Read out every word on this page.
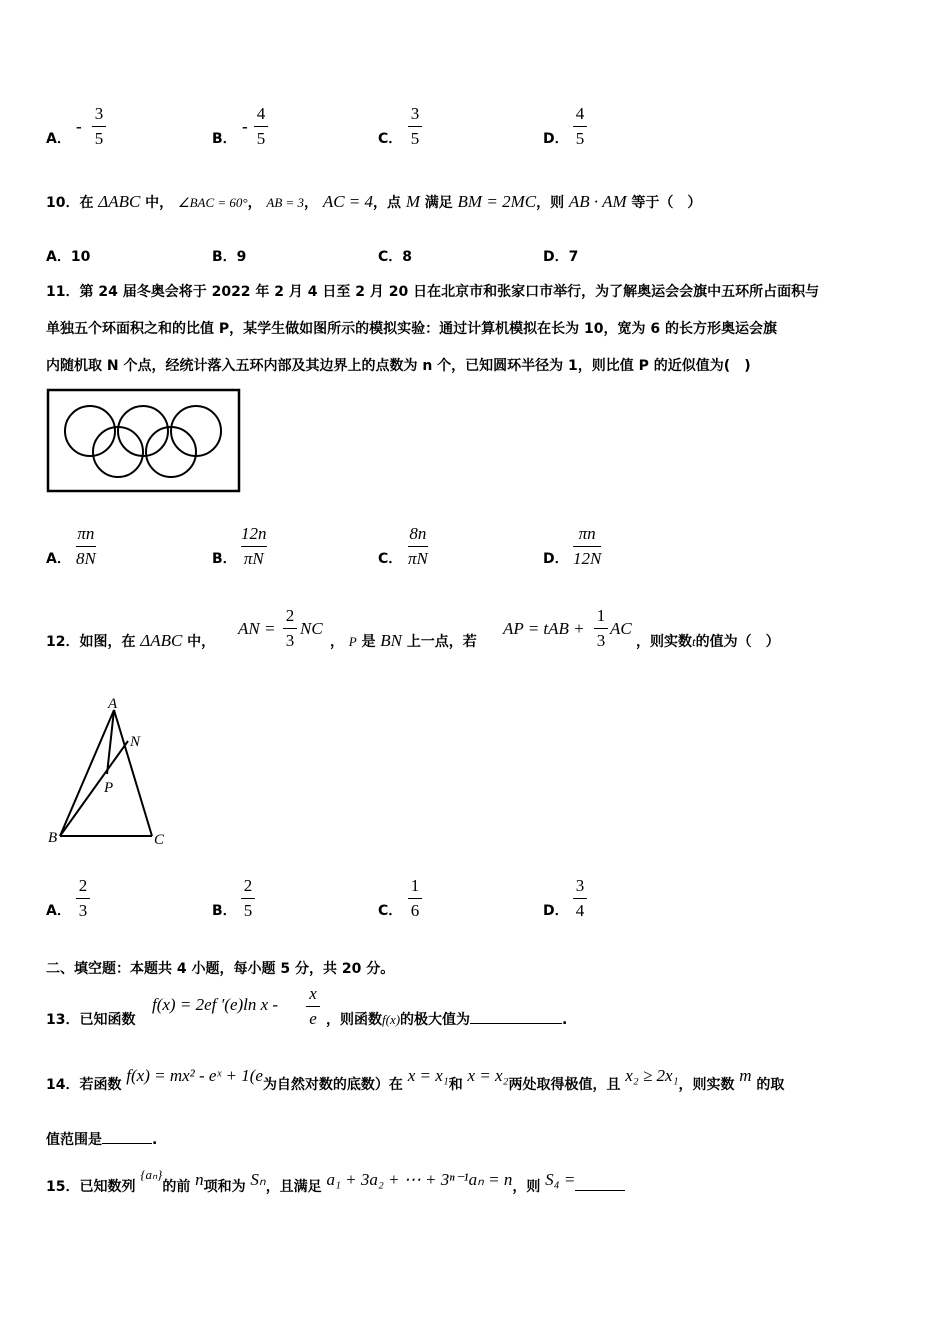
A．
-
3
5	B．
-
4
5	C．
3
5	D．
4
5
10．在 ΔABC 中， ∠BAC = 60°， AB = 3， AC = 4，点 M 满足 BM = 2MC，则 AB · AM 等于（　）
A．10	B．9	C．8	D．7
11．第 24 届冬奥会将于 2022 年 2 月 4 日至 2 月 20 日在北京市和张家口市举行，为了解奥运会会旗中五环所占面积与
单独五个环面积之和的比值 P，某学生做如图所示的模拟实验：通过计算机模拟在长为 10，宽为 6 的长方形奥运会旗
内随机取 N 个点，经统计落入五环内部及其边界上的点数为 n 个，已知圆环半径为 1，则比值 P 的近似值为(　)
A．
πn
8N	B．
12n
πN	C．
8n
πN	D．
πn
12N
12．如图，在 ΔABC 中，
AN =
2
3
NC
， P 是 BN 上一点，若
AP = tAB +
1
3
AC
，则实数t的值为（　）
A
N
P
B	C
A．
2
3	B．
2
5	C．
1
6	D．
3
4
二、填空题：本题共 4 小题，每小题 5 分，共 20 分。
13．已知函数
f(x) = 2ef ′(e)ln x -
x
e ，则函数f(x)的极大值为	.
14．若函数 f(x) = mx² - eˣ + 1(e为自然对数的底数）在 x = x₁和 x = x₂两处取得极值，且 x₂ ≥ 2x₁，则实数 m 的取
值范围是	.
15．已知数列 {aₙ}的前 n项和为 Sₙ，且满足 a₁ + 3a₂ + ⋯ + 3ⁿ⁻¹aₙ = n，则 S₄ =
